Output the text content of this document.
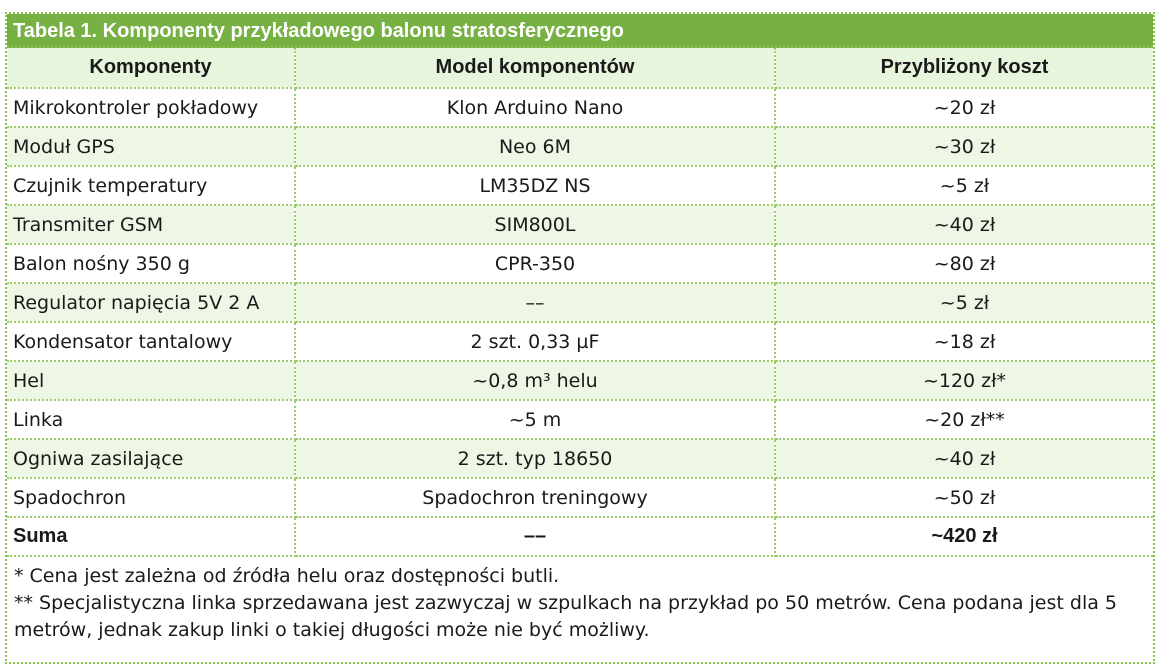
Tabela 1. Komponenty przykładowego balonu stratosferycznego
Komponenty	Model komponentów	Przybliżony koszt
Mikrokontroler pokładowy	Klon Arduino Nano	~20 zł
Moduł GPS	Neo 6M	~30 zł
Czujnik temperatury	LM35DZ NS	~5 zł
Transmiter GSM	SIM800L	~40 zł
Balon nośny 350 g	CPR-350	~80 zł
Regulator napięcia 5V 2 A	––	~5 zł
Kondensator tantalowy	2 szt. 0,33 µF	~18 zł
Hel	~0,8 m³ helu	~120 zł*
Linka	~5 m	~20 zł**
Ogniwa zasilające	2 szt. typ 18650	~40 zł
Spadochron	Spadochron treningowy	~50 zł
Suma	––	~420 zł

* Cena jest zależna od źródła helu oraz dostępności butli.

** Specjalistyczna linka sprzedawana jest zazwyczaj w szpulkach na przykład po 50 metrów. Cena podana jest dla 5 metrów, jednak zakup linki o takiej długości może nie być możliwy.
